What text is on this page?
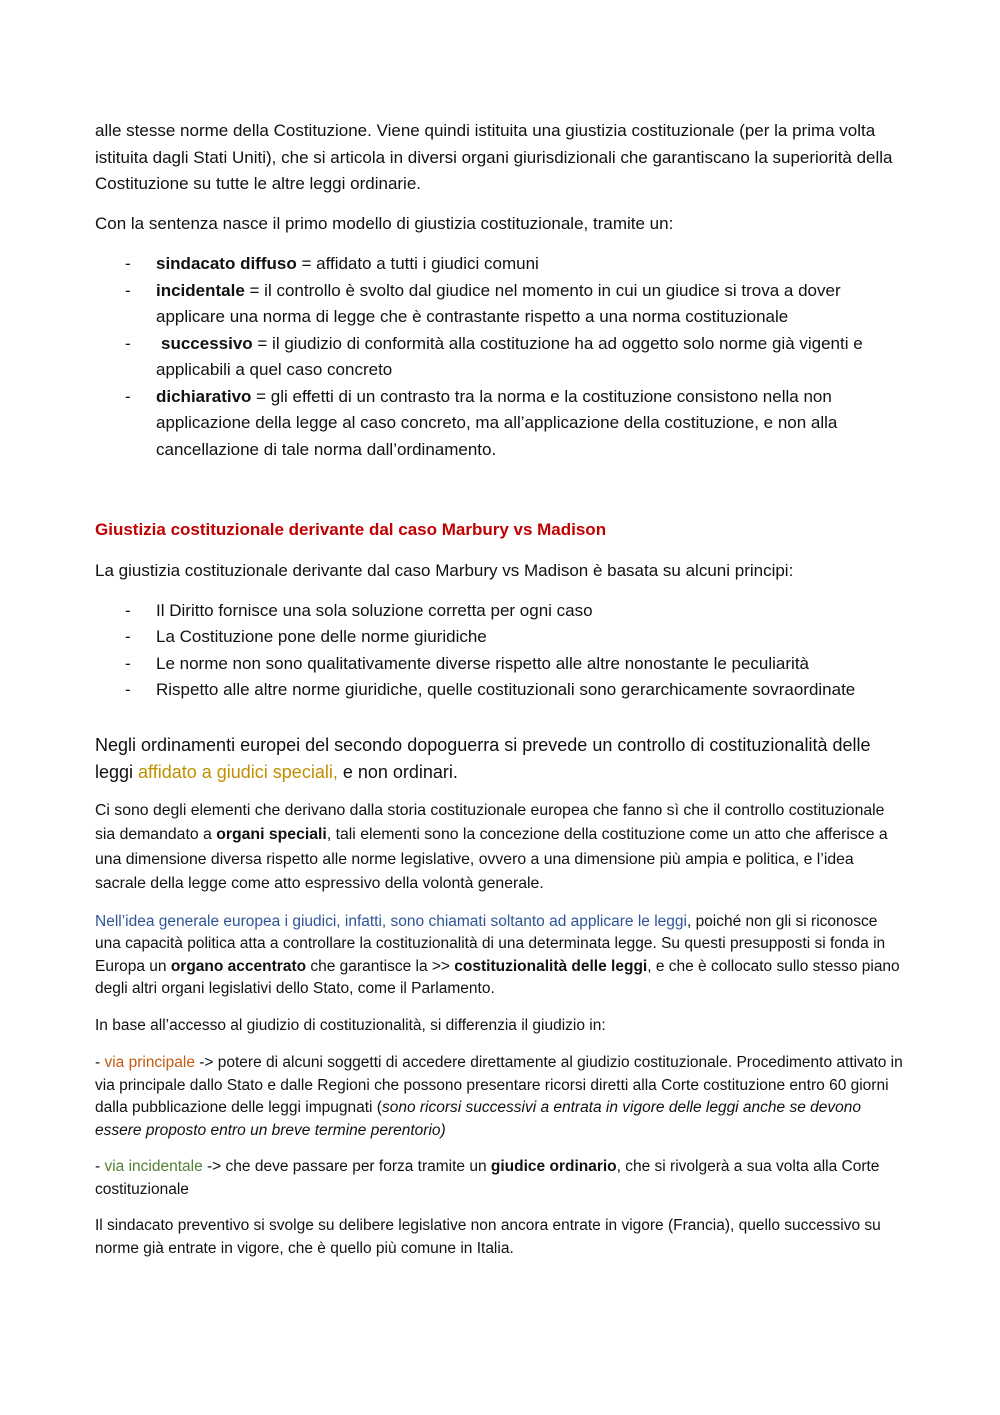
alle stesse norme della Costituzione. Viene quindi istituita una giustizia costituzionale (per la prima volta istituita dagli Stati Uniti), che si articola in diversi organi giurisdizionali che garantiscano la superiorità della Costituzione su tutte le altre leggi ordinarie.

Con la sentenza nasce il primo modello di giustizia costituzionale, tramite un:

- sindacato diffuso = affidato a tutti i giudici comuni
- incidentale = il controllo è svolto dal giudice nel momento in cui un giudice si trova a dover applicare una norma di legge che è contrastante rispetto a una norma costituzionale
- successivo = il giudizio di conformità alla costituzione ha ad oggetto solo norme già vigenti e applicabili a quel caso concreto
- dichiarativo = gli effetti di un contrasto tra la norma e la costituzione consistono nella non applicazione della legge al caso concreto, ma all’applicazione della costituzione, e non alla cancellazione di tale norma dall’ordinamento.

Giustizia costituzionale derivante dal caso Marbury vs Madison

La giustizia costituzionale derivante dal caso Marbury vs Madison è basata su alcuni principi:

- Il Diritto fornisce una sola soluzione corretta per ogni caso
- La Costituzione pone delle norme giuridiche
- Le norme non sono qualitativamente diverse rispetto alle altre nonostante le peculiarità
- Rispetto alle altre norme giuridiche, quelle costituzionali sono gerarchicamente sovraordinate

Negli ordinamenti europei del secondo dopoguerra si prevede un controllo di costituzionalità delle leggi affidato a giudici speciali, e non ordinari.

Ci sono degli elementi che derivano dalla storia costituzionale europea che fanno sì che il controllo costituzionale sia demandato a organi speciali, tali elementi sono la concezione della costituzione come un atto che afferisce a una dimensione diversa rispetto alle norme legislative, ovvero a una dimensione più ampia e politica, e l’idea sacrale della legge come atto espressivo della volontà generale.

Nell’idea generale europea i giudici, infatti, sono chiamati soltanto ad applicare le leggi, poiché non gli si riconosce una capacità politica atta a controllare la costituzionalità di una determinata legge. Su questi presupposti si fonda in Europa un organo accentrato che garantisce la >> costituzionalità delle leggi, e che è collocato sullo stesso piano degli altri organi legislativi dello Stato, come il Parlamento.

In base all’accesso al giudizio di costituzionalità, si differenzia il giudizio in:

- via principale -> potere di alcuni soggetti di accedere direttamente al giudizio costituzionale. Procedimento attivato in via principale dallo Stato e dalle Regioni che possono presentare ricorsi diretti alla Corte costituzione entro 60 giorni dalla pubblicazione delle leggi impugnati (sono ricorsi successivi a entrata in vigore delle leggi anche se devono essere proposto entro un breve termine perentorio)

- via incidentale -> che deve passare per forza tramite un giudice ordinario, che si rivolgerà a sua volta alla Corte costituzionale

Il sindacato preventivo si svolge su delibere legislative non ancora entrate in vigore (Francia), quello successivo su norme già entrate in vigore, che è quello più comune in Italia.
